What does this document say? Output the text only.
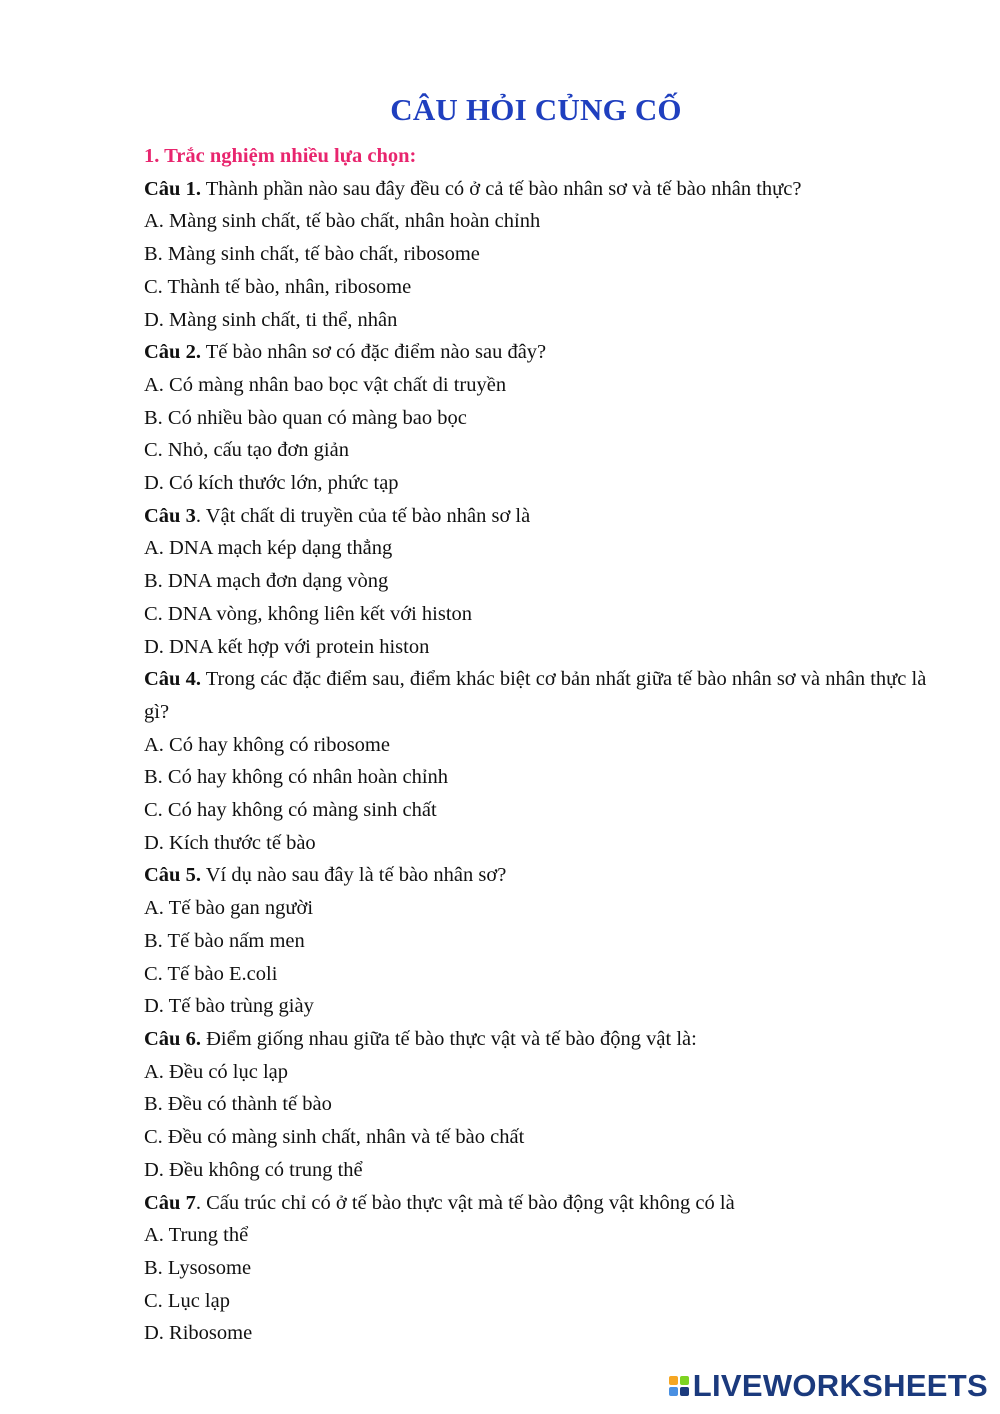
CÂU HỎI CỦNG CỐ
1. Trắc nghiệm nhiều lựa chọn:
Câu 1. Thành phần nào sau đây đều có ở cả tế bào nhân sơ và tế bào nhân thực?
A. Màng sinh chất, tế bào chất, nhân hoàn chỉnh
B. Màng sinh chất, tế bào chất, ribosome
C. Thành tế bào, nhân, ribosome
D. Màng sinh chất, ti thể, nhân
Câu 2. Tế bào nhân sơ có đặc điểm nào sau đây?
A. Có màng nhân bao bọc vật chất di truyền
B. Có nhiều bào quan có màng bao bọc
C. Nhỏ, cấu tạo đơn giản
D. Có kích thước lớn, phức tạp
Câu 3. Vật chất di truyền của tế bào nhân sơ là
A. DNA mạch kép dạng thẳng
B. DNA mạch đơn dạng vòng
C. DNA vòng, không liên kết với histon
D. DNA kết hợp với protein histon
Câu 4. Trong các đặc điểm sau, điểm khác biệt cơ bản nhất giữa tế bào nhân sơ và nhân thực là gì?
A. Có hay không có ribosome
B. Có hay không có nhân hoàn chỉnh
C. Có hay không có màng sinh chất
D. Kích thước tế bào
Câu 5. Ví dụ nào sau đây là tế bào nhân sơ?
A. Tế bào gan người
B. Tế bào nấm men
C. Tế bào E.coli
D. Tế bào trùng giày
Câu 6. Điểm giống nhau giữa tế bào thực vật và tế bào động vật là:
A. Đều có lục lạp
B. Đều có thành tế bào
C. Đều có màng sinh chất, nhân và tế bào chất
D. Đều không có trung thể
Câu 7. Cấu trúc chỉ có ở tế bào thực vật mà tế bào động vật không có là
A. Trung thể
B. Lysosome
C. Lục lạp
D. Ribosome
LIVEWORKSHEETS
